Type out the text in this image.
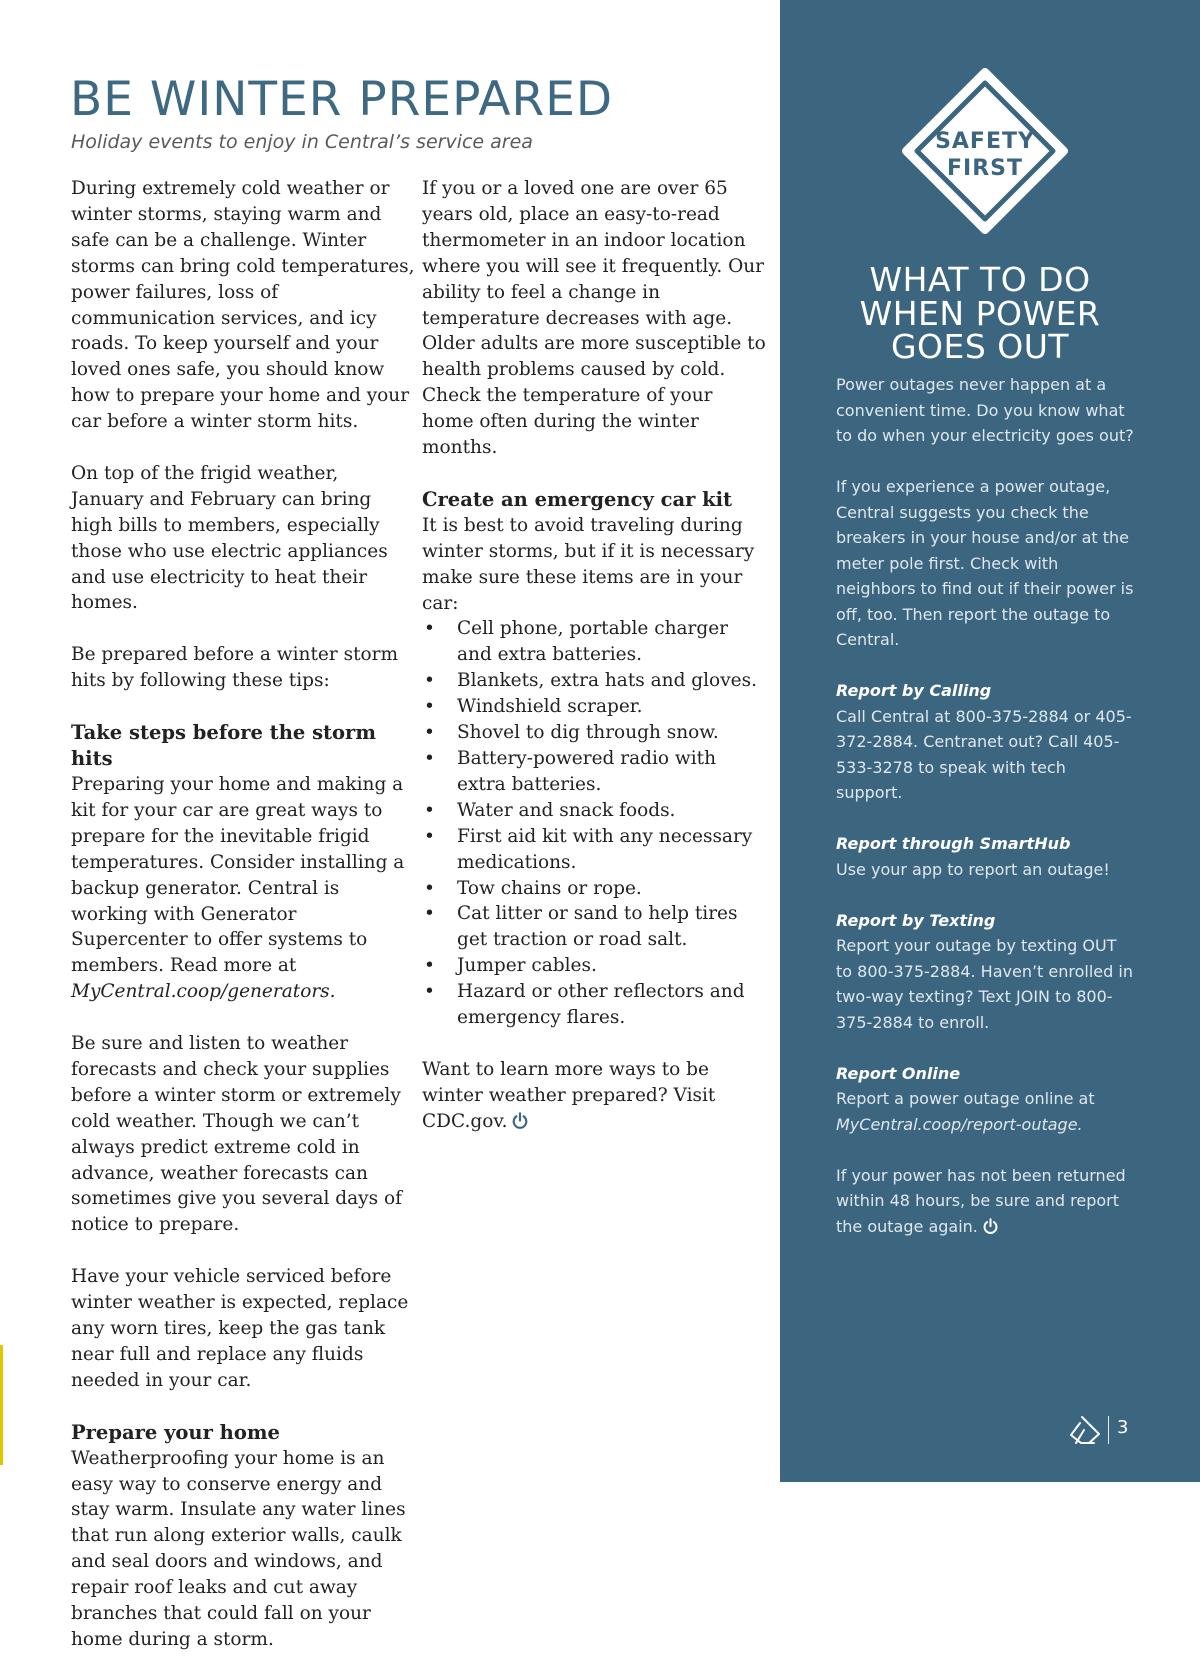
BE WINTER PREPARED
Holiday events to enjoy in Central’s service area

During extremely cold weather or winter storms, staying warm and safe can be a challenge. Winter storms can bring cold temperatures, power failures, loss of communication services, and icy roads. To keep yourself and your loved ones safe, you should know how to prepare your home and your car before a winter storm hits.

On top of the frigid weather, January and February can bring high bills to members, especially those who use electric appliances and use electricity to heat their homes.

Be prepared before a winter storm hits by following these tips:

Take steps before the storm hits

Preparing your home and making a kit for your car are great ways to prepare for the inevitable frigid temperatures. Consider installing a backup generator. Central is working with Generator Supercenter to offer systems to members. Read more at MyCentral.coop/generators.

Be sure and listen to weather forecasts and check your supplies before a winter storm or extremely cold weather. Though we can’t always predict extreme cold in advance, weather forecasts can sometimes give you several days of notice to prepare.

Have your vehicle serviced before winter weather is expected, replace any worn tires, keep the gas tank near full and replace any fluids needed in your car.

Prepare your home

Weatherproofing your home is an easy way to conserve energy and stay warm. Insulate any water lines that run along exterior walls, caulk and seal doors and windows, and repair roof leaks and cut away branches that could fall on your home during a storm.

If you or a loved one are over 65 years old, place an easy-to-read thermometer in an indoor location where you will see it frequently. Our ability to feel a change in temperature decreases with age. Older adults are more susceptible to health problems caused by cold. Check the temperature of your home often during the winter months.

Create an emergency car kit

It is best to avoid traveling during winter storms, but if it is necessary make sure these items are in your car:

• Cell phone, portable charger and extra batteries.
• Blankets, extra hats and gloves.
• Windshield scraper.
• Shovel to dig through snow.
• Battery-powered radio with extra batteries.
• Water and snack foods.
• First aid kit with any necessary medications.
• Tow chains or rope.
• Cat litter or sand to help tires get traction or road salt.
• Jumper cables.
• Hazard or other reflectors and emergency flares.

Want to learn more ways to be winter weather prepared? Visit CDC.gov.

SAFETY
FIRST
WHAT TO DO WHEN POWER GOES OUT

Power outages never happen at a convenient time. Do you know what to do when your electricity goes out?

If you experience a power outage, Central suggests you check the breakers in your house and/or at the meter pole first. Check with neighbors to find out if their power is off, too. Then report the outage to Central.

Report by Calling
Call Central at 800-375-2884 or 405-372-2884. Centranet out? Call 405-533-3278 to speak with tech support.

Report through SmartHub
Use your app to report an outage!

Report by Texting
Report your outage by texting OUT to 800-375-2884. Haven’t enrolled in two-way texting? Text JOIN to 800-375-2884 to enroll.

Report Online
Report a power outage online at MyCentral.coop/report-outage.

If your power has not been returned within 48 hours, be sure and report the outage again.

3
